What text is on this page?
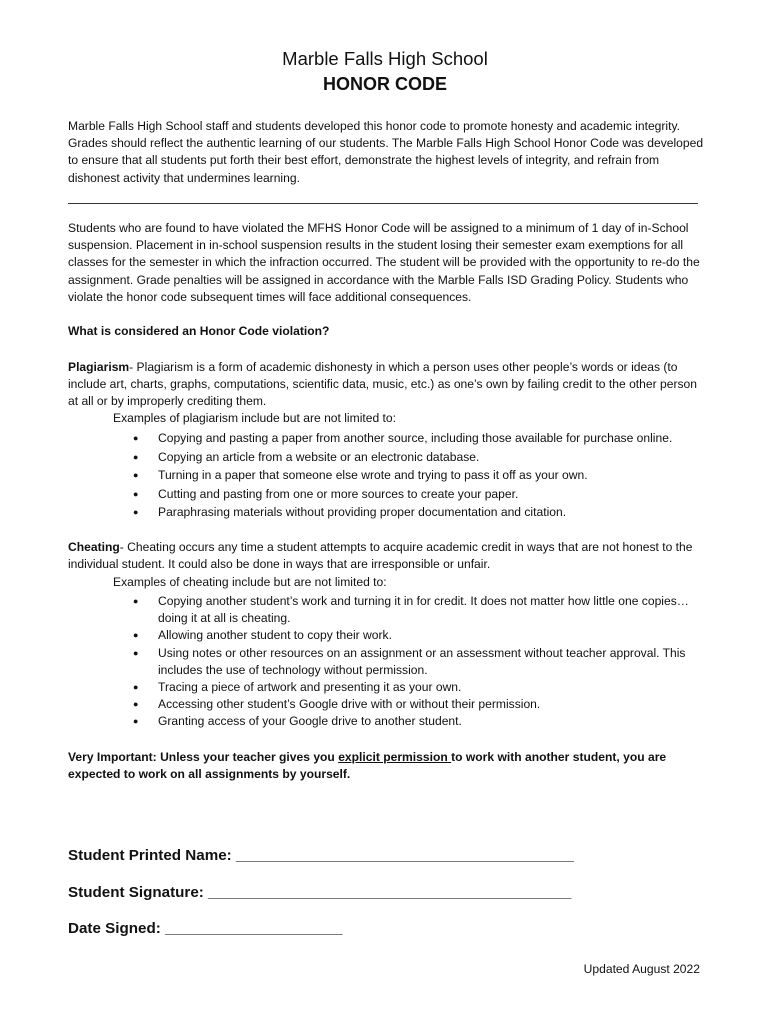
Marble Falls High School
HONOR CODE

Marble Falls High School staff and students developed this honor code to promote honesty and academic integrity. Grades should reflect the authentic learning of our students. The Marble Falls High School Honor Code was developed to ensure that all students put forth their best effort, demonstrate the highest levels of integrity, and refrain from dishonest activity that undermines learning.

Students who are found to have violated the MFHS Honor Code will be assigned to a minimum of 1 day of in-School suspension. Placement in in-school suspension results in the student losing their semester exam exemptions for all classes for the semester in which the infraction occurred. The student will be provided with the opportunity to re-do the assignment. Grade penalties will be assigned in accordance with the Marble Falls ISD Grading Policy. Students who violate the honor code subsequent times will face additional consequences.

What is considered an Honor Code violation?

Plagiarism- Plagiarism is a form of academic dishonesty in which a person uses other people’s words or ideas (to include art, charts, graphs, computations, scientific data, music, etc.) as one’s own by failing credit to the other person at all or by improperly crediting them.

Examples of plagiarism include but are not limited to:
● Copying and pasting a paper from another source, including those available for purchase online.
● Copying an article from a website or an electronic database.
● Turning in a paper that someone else wrote and trying to pass it off as your own.
● Cutting and pasting from one or more sources to create your paper.
● Paraphrasing materials without providing proper documentation and citation.

Cheating- Cheating occurs any time a student attempts to acquire academic credit in ways that are not honest to the individual student. It could also be done in ways that are irresponsible or unfair.

Examples of cheating include but are not limited to:
● Copying another student’s work and turning it in for credit. It does not matter how little one copies… doing it at all is cheating.
● Allowing another student to copy their work.
● Using notes or other resources on an assignment or an assessment without teacher approval. This includes the use of technology without permission.
● Tracing a piece of artwork and presenting it as your own.
● Accessing other student’s Google drive with or without their permission.
● Granting access of your Google drive to another student.

Very Important: Unless your teacher gives you explicit permission to work with another student, you are expected to work on all assignments by yourself.

Student Printed Name: ________________________________________
Student Signature: ___________________________________________
Date Signed: _____________________
Updated August 2022
